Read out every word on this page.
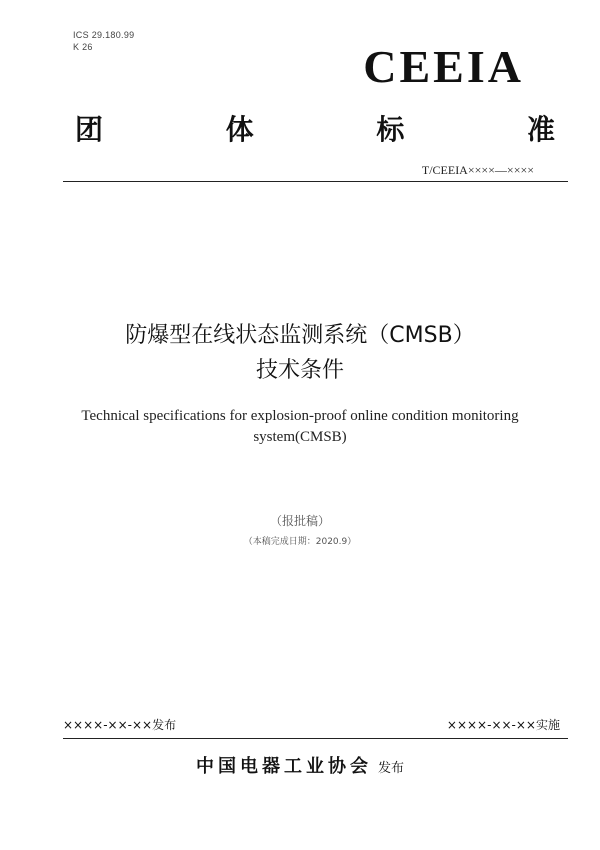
ICS 29.180.99
K 26	CEEIA
团	体	标	准
T/CEEIA××××—××××
防爆型在线状态监测系统（CMSB）
技术条件
Technical specifications for explosion-proof online condition monitoring
system(CMSB)
（报批稿）
（本稿完成日期：2020.9）
××××-××-××发布	××××-××-××实施
中国电器工业协会 发布
